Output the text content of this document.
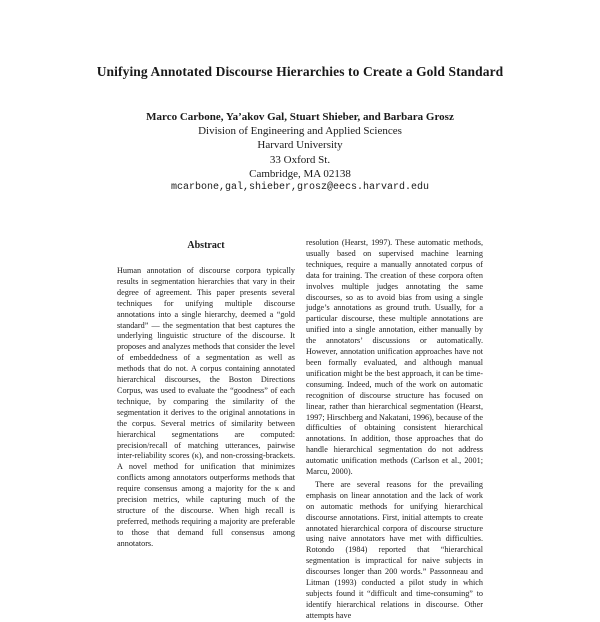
Unifying Annotated Discourse Hierarchies to Create a Gold Standard
Marco Carbone, Ya’akov Gal, Stuart Shieber, and Barbara Grosz
Division of Engineering and Applied Sciences
Harvard University
33 Oxford St.
Cambridge, MA 02138
mcarbone,gal,shieber,grosz@eecs.harvard.edu
Abstract

Human annotation of discourse corpora typically results in segmentation hierarchies that vary in their degree of agreement. This paper presents several techniques for unifying multiple discourse annotations into a single hierarchy, deemed a “gold standard” — the segmentation that best captures the underlying linguistic structure of the discourse. It proposes and analyzes methods that consider the level of embeddedness of a segmentation as well as methods that do not. A corpus containing annotated hierarchical discourses, the Boston Directions Corpus, was used to evaluate the “goodness” of each technique, by comparing the similarity of the segmentation it derives to the original annotations in the corpus. Several metrics of similarity between hierarchical segmentations are computed: precision/recall of matching utterances, pairwise inter-reliability scores (κ), and non-crossing-brackets. A novel method for unification that minimizes conflicts among annotators outperforms methods that require consensus among a majority for the κ and precision metrics, while capturing much of the structure of the discourse. When high recall is preferred, methods requiring a majority are preferable to those that demand full consensus among annotators.

resolution (Hearst, 1997). These automatic methods, usually based on supervised machine learning techniques, require a manually annotated corpus of data for training. The creation of these corpora often involves multiple judges annotating the same discourses, so as to avoid bias from using a single judge’s annotations as ground truth. Usually, for a particular discourse, these multiple annotations are unified into a single annotation, either manually by the annotators’ discussions or automatically. However, annotation unification approaches have not been formally evaluated, and although manual unification might be the best approach, it can be time-consuming. Indeed, much of the work on automatic recognition of discourse structure has focused on linear, rather than hierarchical segmentation (Hearst, 1997; Hirschberg and Nakatani, 1996), because of the difficulties of obtaining consistent hierarchical annotations. In addition, those approaches that do handle hierarchical segmentation do not address automatic unification methods (Carlson et al., 2001; Marcu, 2000).

There are several reasons for the prevailing emphasis on linear annotation and the lack of work on automatic methods for unifying hierarchical discourse annotations. First, initial attempts to create annotated hierarchical corpora of discourse structure using naive annotators have met with difficulties. Rotondo (1984) reported that “hierarchical segmentation is impractical for naive subjects in discourses longer than 200 words.” Passonneau and Litman (1993) conducted a pilot study in which subjects found it “difficult and time-consuming” to identify hierarchical relations in discourse. Other attempts have
